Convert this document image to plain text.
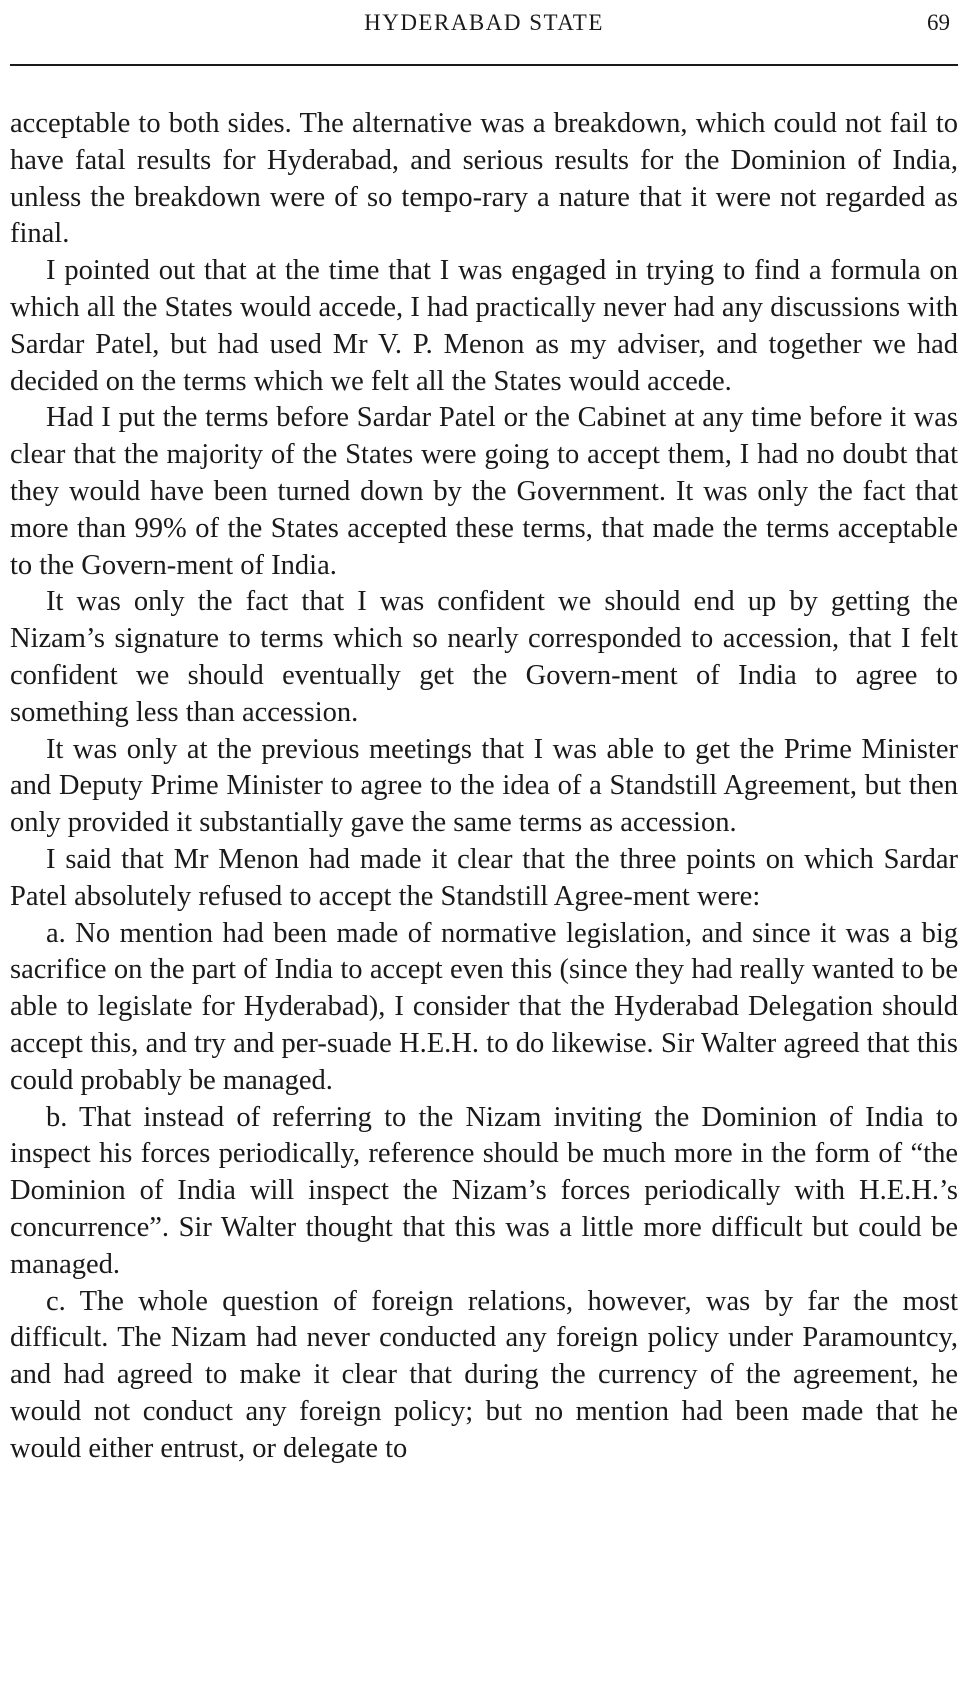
HYDERABAD STATE	69

acceptable to both sides. The alternative was a breakdown, which could not fail to have fatal results for Hyderabad, and serious results for the Dominion of India, unless the breakdown were of so tempo-rary a nature that it were not regarded as final.

I pointed out that at the time that I was engaged in trying to find a formula on which all the States would accede, I had practically never had any discussions with Sardar Patel, but had used Mr V. P. Menon as my adviser, and together we had decided on the terms which we felt all the States would accede.

Had I put the terms before Sardar Patel or the Cabinet at any time before it was clear that the majority of the States were going to accept them, I had no doubt that they would have been turned down by the Government. It was only the fact that more than 99% of the States accepted these terms, that made the terms acceptable to the Govern-ment of India.

It was only the fact that I was confident we should end up by getting the Nizam’s signature to terms which so nearly corresponded to accession, that I felt confident we should eventually get the Govern-ment of India to agree to something less than accession.

It was only at the previous meetings that I was able to get the Prime Minister and Deputy Prime Minister to agree to the idea of a Standstill Agreement, but then only provided it substantially gave the same terms as accession.

I said that Mr Menon had made it clear that the three points on which Sardar Patel absolutely refused to accept the Standstill Agree-ment were:

a. No mention had been made of normative legislation, and since it was a big sacrifice on the part of India to accept even this (since they had really wanted to be able to legislate for Hyderabad), I consider that the Hyderabad Delegation should accept this, and try and per-suade H.E.H. to do likewise. Sir Walter agreed that this could probably be managed.

b. That instead of referring to the Nizam inviting the Dominion of India to inspect his forces periodically, reference should be much more in the form of “the Dominion of India will inspect the Nizam’s forces periodically with H.E.H.’s concurrence”. Sir Walter thought that this was a little more difficult but could be managed.

c. The whole question of foreign relations, however, was by far the most difficult. The Nizam had never conducted any foreign policy under Paramountcy, and had agreed to make it clear that during the currency of the agreement, he would not conduct any foreign policy; but no mention had been made that he would either entrust, or delegate to
